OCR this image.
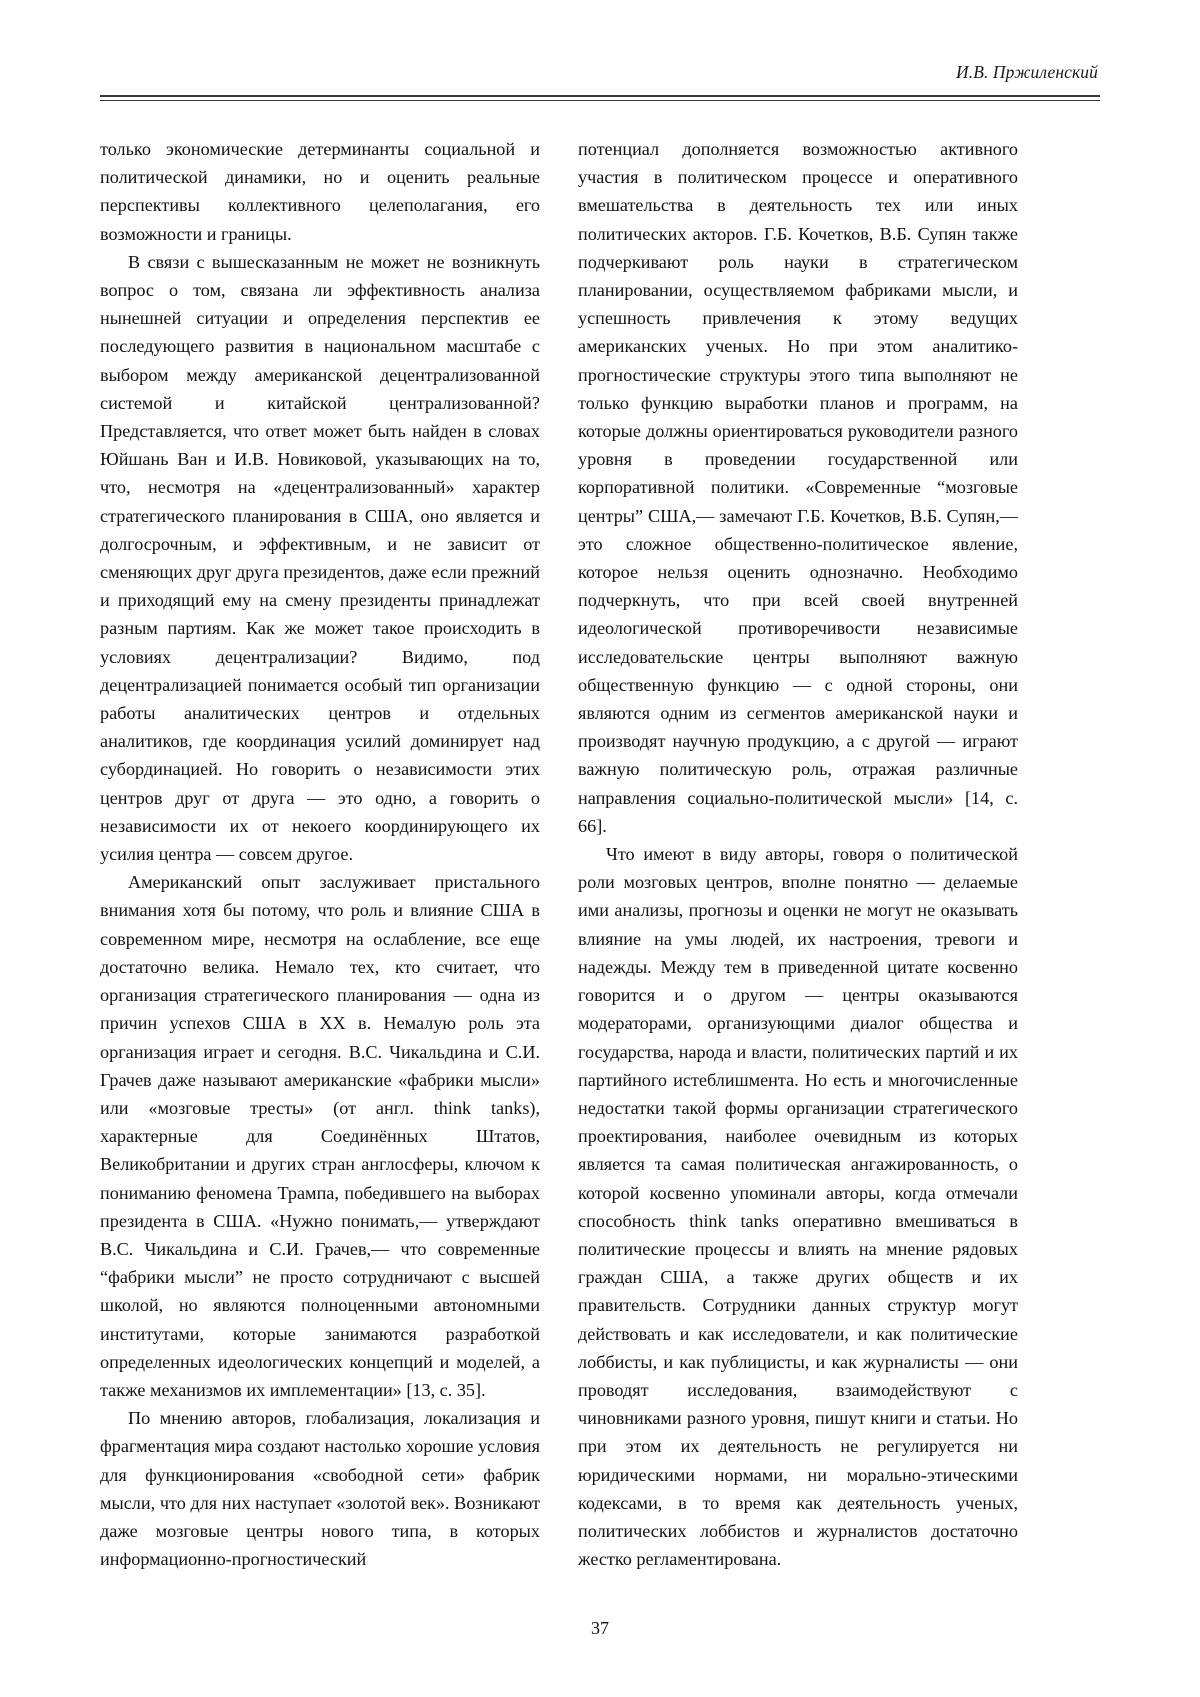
И.В. Пржиленский

только экономические детерминанты социальной и политической динамики, но и оценить реальные перспективы коллективного целеполагания, его возможности и границы.

В связи с вышесказанным не может не возникнуть вопрос о том, связана ли эффективность анализа нынешней ситуации и определения перспектив ее последующего развития в национальном масштабе с выбором между американской децентрализованной системой и китайской централизованной? Представляется, что ответ может быть найден в словах Юйшань Ван и И.В. Новиковой, указывающих на то, что, несмотря на «децентрализованный» характер стратегического планирования в США, оно является и долгосрочным, и эффективным, и не зависит от сменяющих друг друга президентов, даже если прежний и приходящий ему на смену президенты принадлежат разным партиям. Как же может такое происходить в условиях децентрализации? Видимо, под децентрализацией понимается особый тип организации работы аналитических центров и отдельных аналитиков, где координация усилий доминирует над субординацией. Но говорить о независимости этих центров друг от друга — это одно, а говорить о независимости их от некоего координирующего их усилия центра — совсем другое.

Американский опыт заслуживает пристального внимания хотя бы потому, что роль и влияние США в современном мире, несмотря на ослабление, все еще достаточно велика. Немало тех, кто считает, что организация стратегического планирования — одна из причин успехов США в XX в. Немалую роль эта организация играет и сегодня. В.С. Чикальдина и С.И. Грачев даже называют американские «фабрики мысли» или «мозговые тресты» (от англ. think tanks), характерные для Соединённых Штатов, Великобритании и других стран англосферы, ключом к пониманию феномена Трампа, победившего на выборах президента в США. «Нужно понимать,— утверждают В.С. Чикальдина и С.И. Грачев,— что современные “фабрики мысли” не просто сотрудничают с высшей школой, но являются полноценными автономными институтами, которые занимаются разработкой определенных идеологических концепций и моделей, а также механизмов их имплементации» [13, с. 35].

По мнению авторов, глобализация, локализация и фрагментация мира создают настолько хорошие условия для функционирования «свободной сети» фабрик мысли, что для них наступает «золотой век». Возникают даже мозговые центры нового типа, в которых информационно-прогностический

потенциал дополняется возможностью активного участия в политическом процессе и оперативного вмешательства в деятельность тех или иных политических акторов. Г.Б. Кочетков, В.Б. Супян также подчеркивают роль науки в стратегическом планировании, осуществляемом фабриками мысли, и успешность привлечения к этому ведущих американских ученых. Но при этом аналитико-прогностические структуры этого типа выполняют не только функцию выработки планов и программ, на которые должны ориентироваться руководители разного уровня в проведении государственной или корпоративной политики. «Современные “мозговые центры” США,— замечают Г.Б. Кочетков, В.Б. Супян,— это сложное общественно-политическое явление, которое нельзя оценить однозначно. Необходимо подчеркнуть, что при всей своей внутренней идеологической противоречивости независимые исследовательские центры выполняют важную общественную функцию — с одной стороны, они являются одним из сегментов американской науки и производят научную продукцию, а с другой — играют важную политическую роль, отражая различные направления социально-политической мысли» [14, с. 66].

Что имеют в виду авторы, говоря о политической роли мозговых центров, вполне понятно — делаемые ими анализы, прогнозы и оценки не могут не оказывать влияние на умы людей, их настроения, тревоги и надежды. Между тем в приведенной цитате косвенно говорится и о другом — центры оказываются модераторами, организующими диалог общества и государства, народа и власти, политических партий и их партийного истеблишмента. Но есть и многочисленные недостатки такой формы организации стратегического проектирования, наиболее очевидным из которых является та самая политическая ангажированность, о которой косвенно упоминали авторы, когда отмечали способность think tanks оперативно вмешиваться в политические процессы и влиять на мнение рядовых граждан США, а также других обществ и их правительств. Сотрудники данных структур могут действовать и как исследователи, и как политические лоббисты, и как публицисты, и как журналисты — они проводят исследования, взаимодействуют с чиновниками разного уровня, пишут книги и статьи. Но при этом их деятельность не регулируется ни юридическими нормами, ни морально-этическими кодексами, в то время как деятельность ученых, политических лоббистов и журналистов достаточно жестко регламентирована.

37
